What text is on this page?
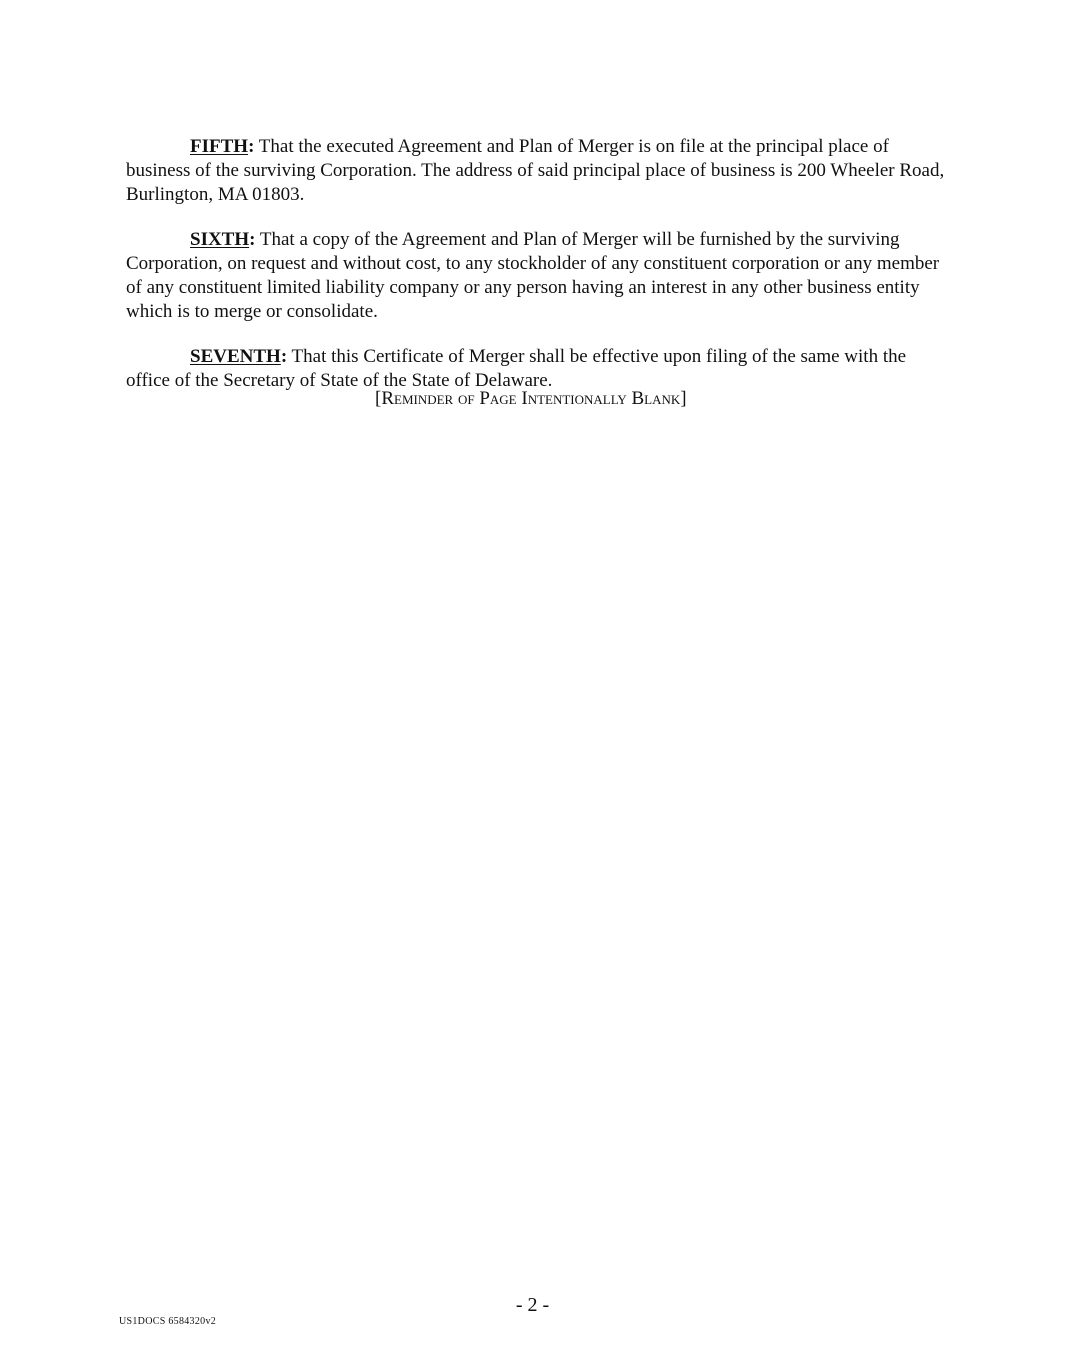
FIFTH: That the executed Agreement and Plan of Merger is on file at the principal place of business of the surviving Corporation. The address of said principal place of business is 200 Wheeler Road, Burlington, MA 01803.

SIXTH: That a copy of the Agreement and Plan of Merger will be furnished by the surviving Corporation, on request and without cost, to any stockholder of any constituent corporation or any member of any constituent limited liability company or any person having an interest in any other business entity which is to merge or consolidate.

SEVENTH: That this Certificate of Merger shall be effective upon filing of the same with the office of the Secretary of State of the State of Delaware.

[Reminder of Page Intentionally Blank]

- 2 -

US1DOCS 6584320v2
